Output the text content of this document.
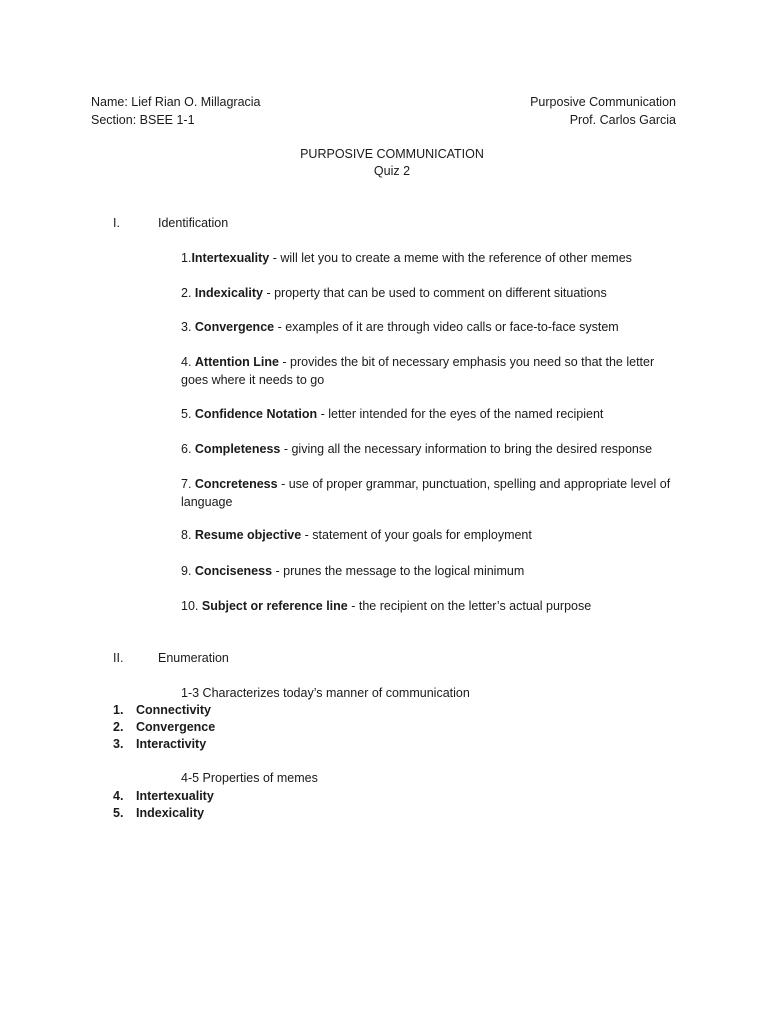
Name: Lief Rian O. Millagracia
Section: BSEE 1-1
Purposive Communication
Prof. Carlos Garcia
PURPOSIVE COMMUNICATION
Quiz 2
I.	Identification
1.Intertexuality - will let you to create a meme with the reference of other memes
2. Indexicality - property that can be used to comment on different situations
3. Convergence - examples of it are through video calls or face-to-face system
4. Attention Line - provides the bit of necessary emphasis you need so that the letter goes where it needs to go
5. Confidence Notation - letter intended for the eyes of the named recipient
6. Completeness - giving all the necessary information to bring the desired response
7. Concreteness - use of proper grammar, punctuation, spelling and appropriate level of language
8. Resume objective - statement of your goals for employment
9. Conciseness - prunes the message to the logical minimum
10. Subject or reference line - the recipient on the letter’s actual purpose
II.	Enumeration
1-3 Characterizes today’s manner of communication
1. Connectivity
2. Convergence
3. Interactivity
4-5 Properties of memes
4. Intertexuality
5. Indexicality
